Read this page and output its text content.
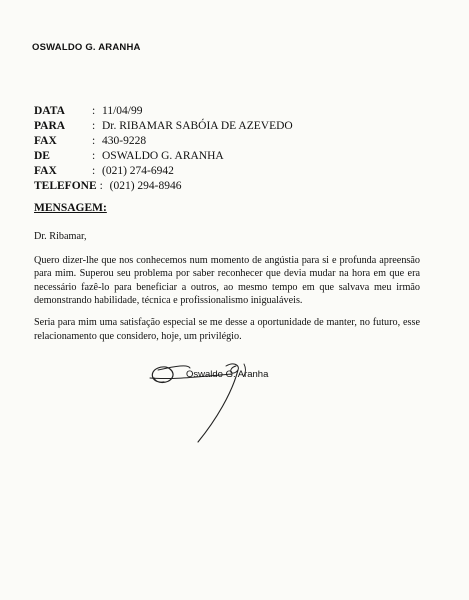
OSWALDO G. ARANHA
DATA	: 11/04/99
PARA	: Dr. RIBAMAR SABÓIA DE AZEVEDO
FAX	: 430-9228
DE	: OSWALDO G. ARANHA
FAX	: (021) 274-6942
TELEFONE : (021) 294-8946
MENSAGEM:
Dr. Ribamar,

Quero dizer-lhe que nos conhecemos num momento de angústia para si e profunda apreensão para mim. Superou seu problema por saber reconhecer que devia mudar na hora em que era necessário fazê-lo para beneficiar a outros, ao mesmo tempo em que salvava meu irmão demonstrando habilidade, técnica e profissionalismo inigualáveis.

Seria para mim uma satisfação especial se me desse a oportunidade de manter, no futuro, esse relacionamento que considero, hoje, um privilégio.

Oswaldo G. Aranha
